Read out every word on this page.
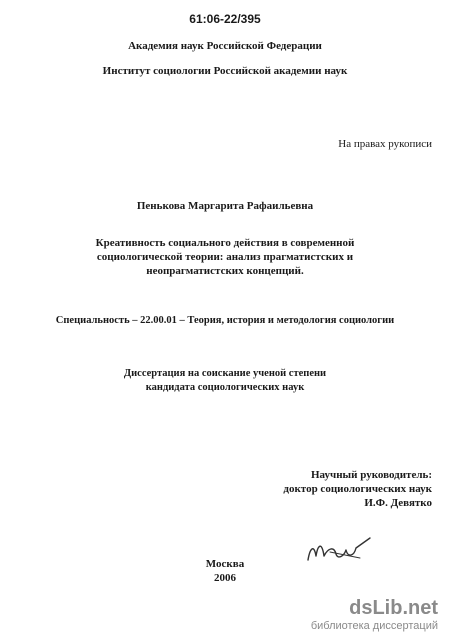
61:06-22/395
Академия наук Российской Федерации
Институт социологии Российской академии наук
На правах рукописи
Пенькова Маргарита Рафаильевна
Креативность социального действия в современной
социологической теории: анализ прагматистских и
неопрагматистских концепций.
Специальность – 22.00.01 – Теория, история и методология социологии
Диссертация на соискание ученой степени
кандидата социологических наук
Научный руководитель:
доктор социологических наук
И.Ф. Девятко
Москва
2006
dsLib.net
библиотека диссертаций
